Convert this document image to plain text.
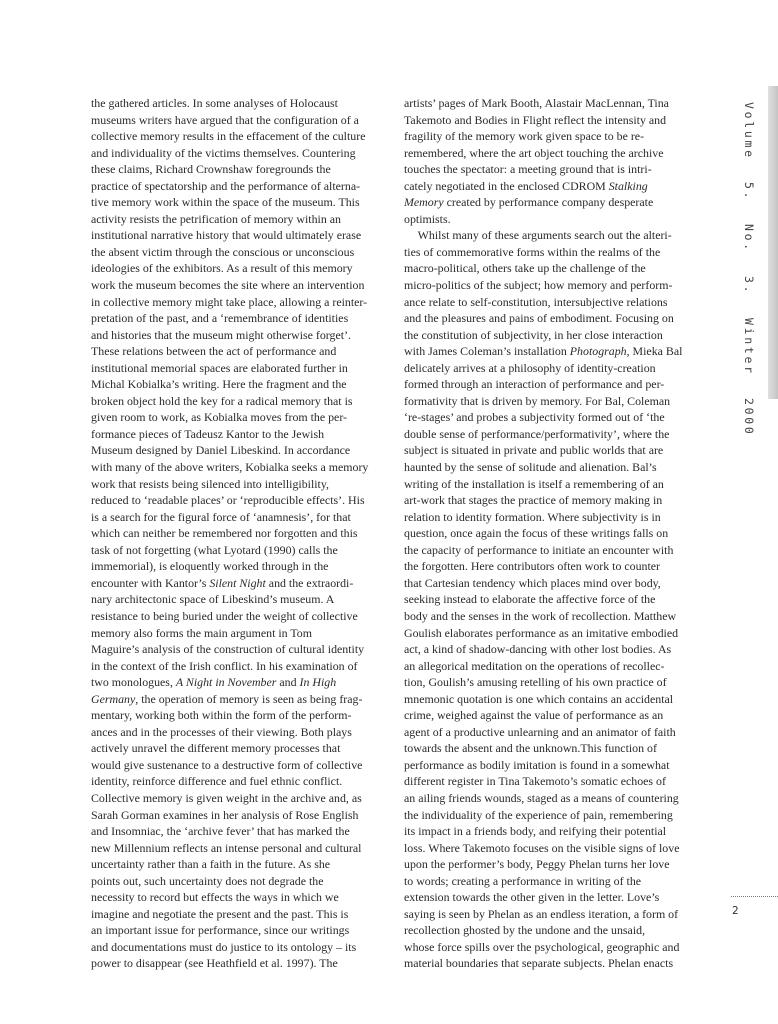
the gathered articles. In some analyses of Holocaust
museums writers have argued that the configuration of a
collective memory results in the effacement of the culture
and individuality of the victims themselves. Countering
these claims, Richard Crownshaw foregrounds the
practice of spectatorship and the performance of alterna-
tive memory work within the space of the museum. This
activity resists the petrification of memory within an
institutional narrative history that would ultimately erase
the absent victim through the conscious or unconscious
ideologies of the exhibitors. As a result of this memory
work the museum becomes the site where an intervention
in collective memory might take place, allowing a reinter-
pretation of the past, and a ‘remembrance of identities
and histories that the museum might otherwise forget’.
These relations between the act of performance and
institutional memorial spaces are elaborated further in
Michal Kobialka’s writing. Here the fragment and the
broken object hold the key for a radical memory that is
given room to work, as Kobialka moves from the per-
formance pieces of Tadeusz Kantor to the Jewish
Museum designed by Daniel Libeskind. In accordance
with many of the above writers, Kobialka seeks a memory
work that resists being silenced into intelligibility,
reduced to ‘readable places’ or ‘reproducible effects’. His
is a search for the figural force of ‘anamnesis’, for that
which can neither be remembered nor forgotten and this
task of not forgetting (what Lyotard (1990) calls the
immemorial), is eloquently worked through in the
encounter with Kantor’s Silent Night and the extraordi-
nary architectonic space of Libeskind’s museum. A
resistance to being buried under the weight of collective
memory also forms the main argument in Tom
Maguire’s analysis of the construction of cultural identity
in the context of the Irish conflict. In his examination of
two monologues, A Night in November and In High
Germany, the operation of memory is seen as being frag-
mentary, working both within the form of the perform-
ances and in the processes of their viewing. Both plays
actively unravel the different memory processes that
would give sustenance to a destructive form of collective
identity, reinforce difference and fuel ethnic conflict.
Collective memory is given weight in the archive and, as
Sarah Gorman examines in her analysis of Rose English
and Insomniac, the ‘archive fever’ that has marked the
new Millennium reflects an intense personal and cultural
uncertainty rather than a faith in the future. As she
points out, such uncertainty does not degrade the
necessity to record but effects the ways in which we
imagine and negotiate the present and the past. This is
an important issue for performance, since our writings
and documentations must do justice to its ontology – its
power to disappear (see Heathfield et al. 1997). The
artists’ pages of Mark Booth, Alastair MacLennan, Tina
Takemoto and Bodies in Flight reflect the intensity and
fragility of the memory work given space to be re-
remembered, where the art object touching the archive
touches the spectator: a meeting ground that is intri-
cately negotiated in the enclosed CDROM Stalking
Memory created by performance company desperate
optimists.
Whilst many of these arguments search out the alteri-
ties of commemorative forms within the realms of the
macro-political, others take up the challenge of the
micro-politics of the subject; how memory and perform-
ance relate to self-constitution, intersubjective relations
and the pleasures and pains of embodiment. Focusing on
the constitution of subjectivity, in her close interaction
with James Coleman’s installation Photograph, Mieka Bal
delicately arrives at a philosophy of identity-creation
formed through an interaction of performance and per-
formativity that is driven by memory. For Bal, Coleman
‘re-stages’ and probes a subjectivity formed out of ‘the
double sense of performance/performativity’, where the
subject is situated in private and public worlds that are
haunted by the sense of solitude and alienation. Bal’s
writing of the installation is itself a remembering of an
art-work that stages the practice of memory making in
relation to identity formation. Where subjectivity is in
question, once again the focus of these writings falls on
the capacity of performance to initiate an encounter with
the forgotten. Here contributors often work to counter
that Cartesian tendency which places mind over body,
seeking instead to elaborate the affective force of the
body and the senses in the work of recollection. Matthew
Goulish elaborates performance as an imitative embodied
act, a kind of shadow-dancing with other lost bodies. As
an allegorical meditation on the operations of recollec-
tion, Goulish’s amusing retelling of his own practice of
mnemonic quotation is one which contains an accidental
crime, weighed against the value of performance as an
agent of a productive unlearning and an animator of faith
towards the absent and the unknown.This function of
performance as bodily imitation is found in a somewhat
different register in Tina Takemoto’s somatic echoes of
an ailing friends wounds, staged as a means of countering
the individuality of the experience of pain, remembering
its impact in a friends body, and reifying their potential
loss. Where Takemoto focuses on the visible signs of love
upon the performer’s body, Peggy Phelan turns her love
to words; creating a performance in writing of the
extension towards the other given in the letter. Love’s
saying is seen by Phelan as an endless iteration, a form of
recollection ghosted by the undone and the unsaid,
whose force spills over the psychological, geographic and
material boundaries that separate subjects. Phelan enacts
Volume 5. No. 3. Winter 2000
2
